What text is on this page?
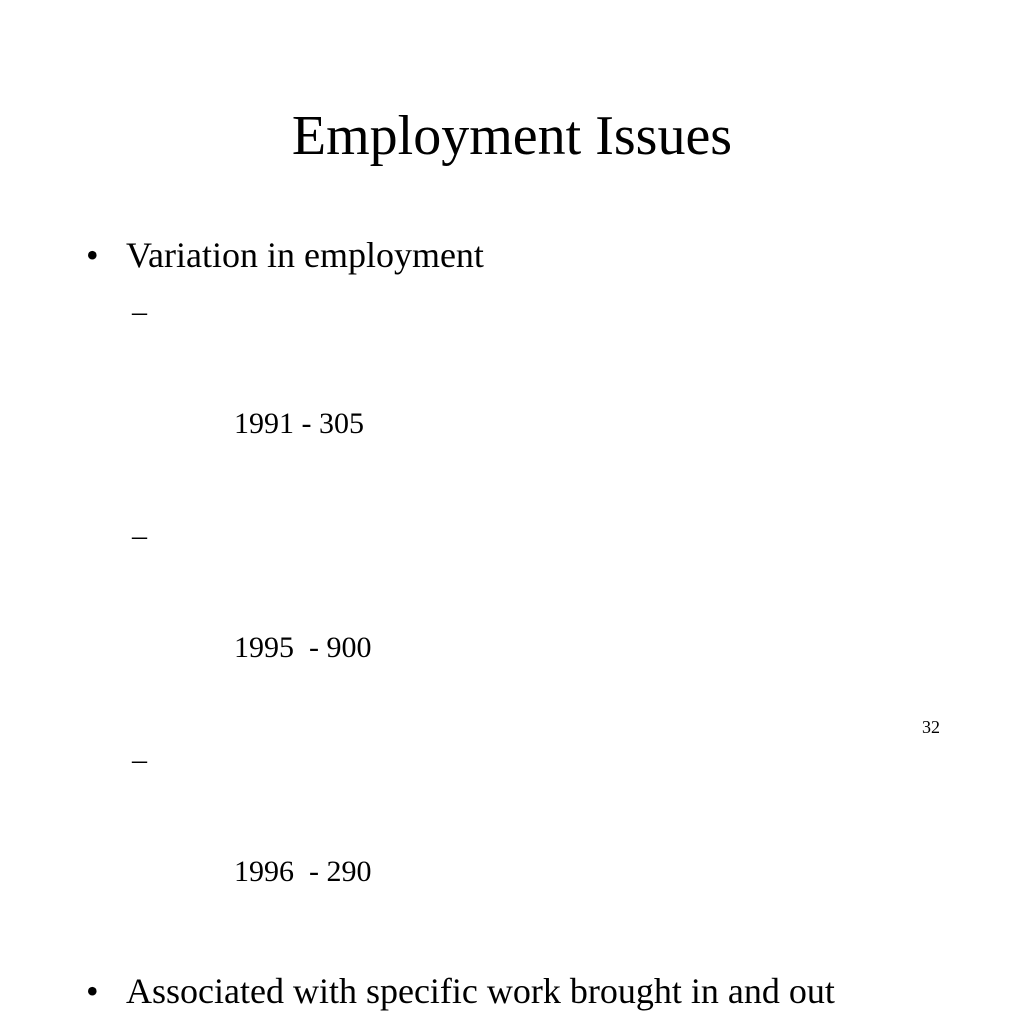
Employment Issues
• Variation in employment

–

1991 - 305

–

1995  - 900

–

1996  - 290

• Associated with specific work brought in and out
32
